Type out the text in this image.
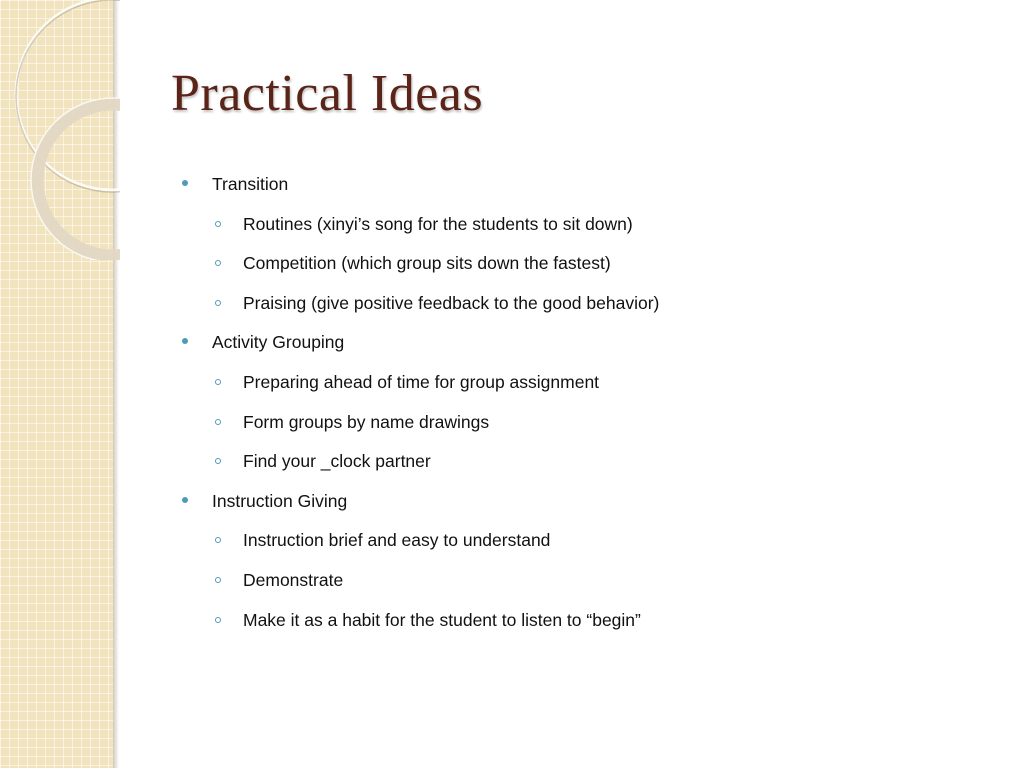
Practical Ideas
Transition
Routines (xinyi’s song for the students to sit down)
Competition (which group sits down the fastest)
Praising (give positive feedback to the good behavior)
Activity Grouping
Preparing ahead of time for group assignment
Form groups by name drawings
Find your _clock partner
Instruction Giving
Instruction brief and easy to understand
Demonstrate
Make it as a habit for the student to listen to “begin”
